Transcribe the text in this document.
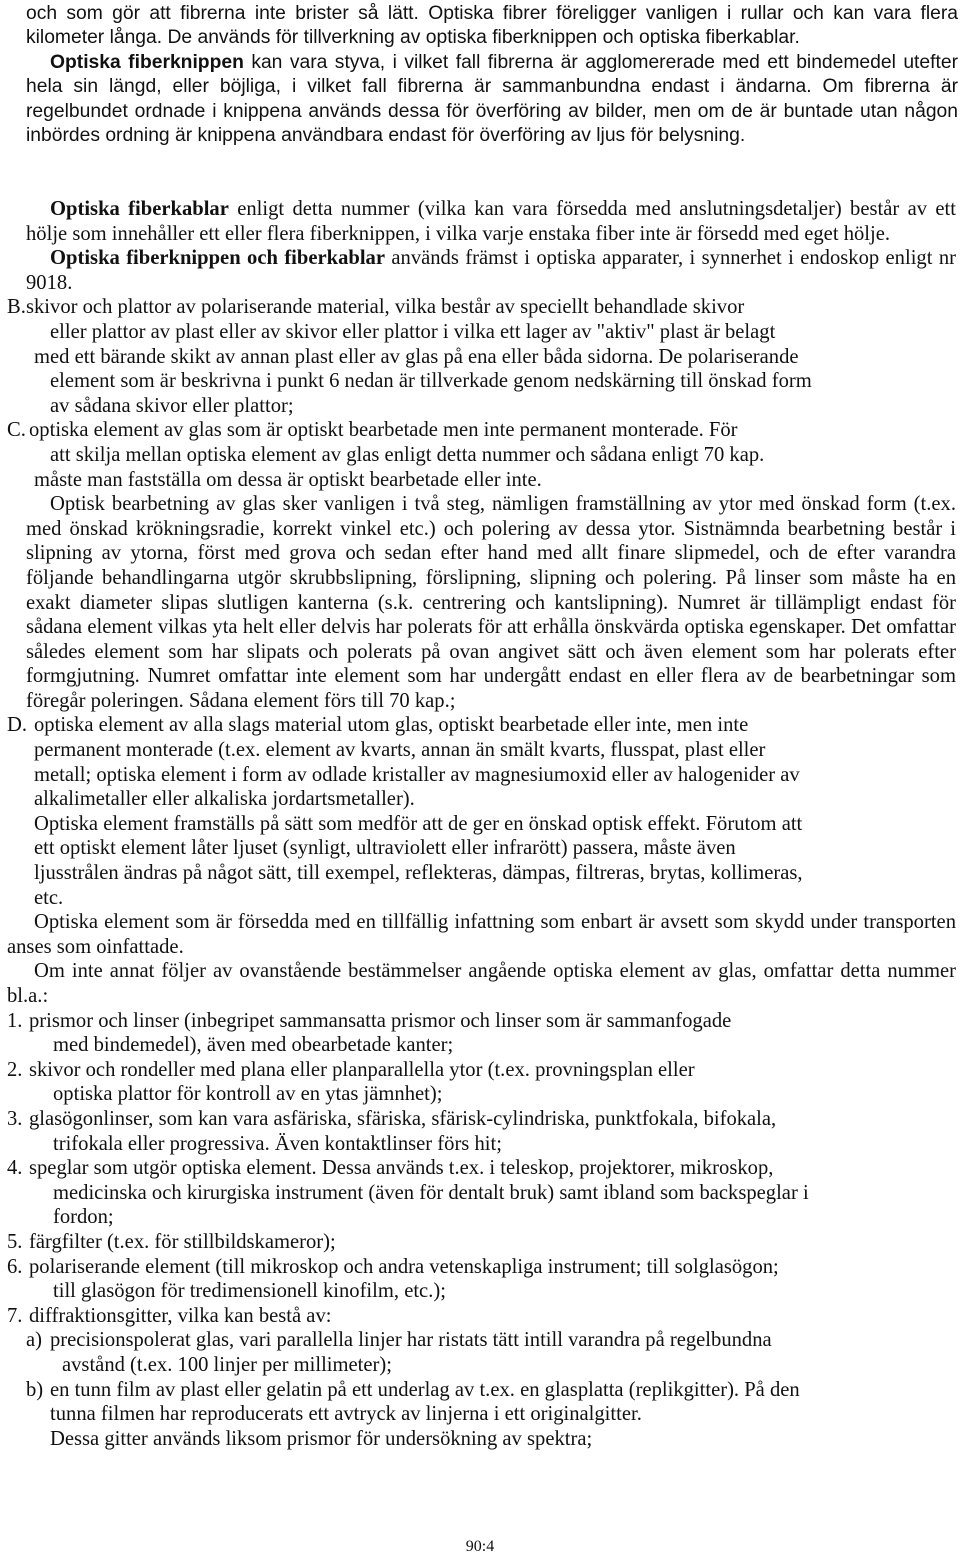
och som gör att fibrerna inte brister så lätt. Optiska fibrer föreligger vanligen i rullar och kan vara flera kilometer långa. De används för tillverkning av optiska fiberknippen och optiska fiberkablar.

Optiska fiberknippen kan vara styva, i vilket fall fibrerna är agglomererade med ett bindemedel utefter hela sin längd, eller böjliga, i vilket fall fibrerna är sammanbundna endast i ändarna. Om fibrerna är regelbundet ordnade i knippena används dessa för överföring av bilder, men om de är buntade utan någon inbördes ordning är knippena användbara endast för överföring av ljus för belysning.

Optiska fiberkablar enligt detta nummer (vilka kan vara försedda med anslutningsdetaljer) består av ett hölje som innehåller ett eller flera fiberknippen, i vilka varje enstaka fiber inte är försedd med eget hölje.

Optiska fiberknippen och fiberkablar används främst i optiska apparater, i synnerhet i endoskop enligt nr 9018.

B. skivor och plattor av polariserande material, vilka består av speciellt behandlade skivor
eller plattor av plast eller av skivor eller plattor i vilka ett lager av "aktiv" plast är belagt
med ett bärande skikt av annan plast eller av glas på ena eller båda sidorna. De polariserande
element som är beskrivna i punkt 6 nedan är tillverkade genom nedskärning till önskad form
av sådana skivor eller plattor;
C. optiska element av glas som är optiskt bearbetade men inte permanent monterade. För
att skilja mellan optiska element av glas enligt detta nummer och sådana enligt 70 kap.
måste man fastställa om dessa är optiskt bearbetade eller inte.

Optisk bearbetning av glas sker vanligen i två steg, nämligen framställning av ytor med önskad form (t.ex. med önskad krökningsradie, korrekt vinkel etc.) och polering av dessa ytor. Sistnämnda bearbetning består i slipning av ytorna, först med grova och sedan efter hand med allt finare slipmedel, och de efter varandra följande behandlingarna utgör skrubbslipning, förslipning, slipning och polering. På linser som måste ha en exakt diameter slipas slutligen kanterna (s.k. centrering och kantslipning). Numret är tillämpligt endast för sådana element vilkas yta helt eller delvis har polerats för att erhålla önskvärda optiska egenskaper. Det omfattar således element som har slipats och polerats på ovan angivet sätt och även element som har polerats efter formgjutning. Numret omfattar inte element som har undergått endast en eller flera av de bearbetningar som föregår poleringen. Sådana element förs till 70 kap.;

D. optiska element av alla slags material utom glas, optiskt bearbetade eller inte, men inte
permanent monterade (t.ex. element av kvarts, annan än smält kvarts, flusspat, plast eller
metall; optiska element i form av odlade kristaller av magnesiumoxid eller av halogenider av
alkalimetaller eller alkaliska jordartsmetaller).
Optiska element framställs på sätt som medför att de ger en önskad optisk effekt. Förutom att
ett optiskt element låter ljuset (synligt, ultraviolett eller infrarött) passera, måste även
ljusstrålen ändras på något sätt, till exempel, reflekteras, dämpas, filtreras, brytas, kollimeras,
etc.

Optiska element som är försedda med en tillfällig infattning som enbart är avsett som skydd under transporten anses som oinfattade.

Om inte annat följer av ovanstående bestämmelser angående optiska element av glas, omfattar detta nummer bl.a.:

1. prismor och linser (inbegripet sammansatta prismor och linser som är sammanfogade
med bindemedel), även med obearbetade kanter;
2. skivor och rondeller med plana eller planparallella ytor (t.ex. provningsplan eller
optiska plattor för kontroll av en ytas jämnhet);
3. glasögonlinser, som kan vara asfäriska, sfäriska, sfärisk-cylindriska, punktfokala, bifokala,
trifokala eller progressiva. Även kontaktlinser förs hit;
4. speglar som utgör optiska element. Dessa används t.ex. i teleskop, projektorer, mikroskop,
medicinska och kirurgiska instrument (även för dentalt bruk) samt ibland som backspeglar i
fordon;
5. färgfilter (t.ex. för stillbildskameror);
6. polariserande element (till mikroskop och andra vetenskapliga instrument; till solglasögon;
till glasögon för tredimensionell kinofilm, etc.);
7. diffraktionsgitter, vilka kan bestå av:
a) precisionspolerat glas, vari parallella linjer har ristats tätt intill varandra på regelbundna
avstånd (t.ex. 100 linjer per millimeter);
b) en tunn film av plast eller gelatin på ett underlag av t.ex. en glasplatta (replikgitter). På den
tunna filmen har reproducerats ett avtryck av linjerna i ett originalgitter.
Dessa gitter används liksom prismor för undersökning av spektra;
90:4
